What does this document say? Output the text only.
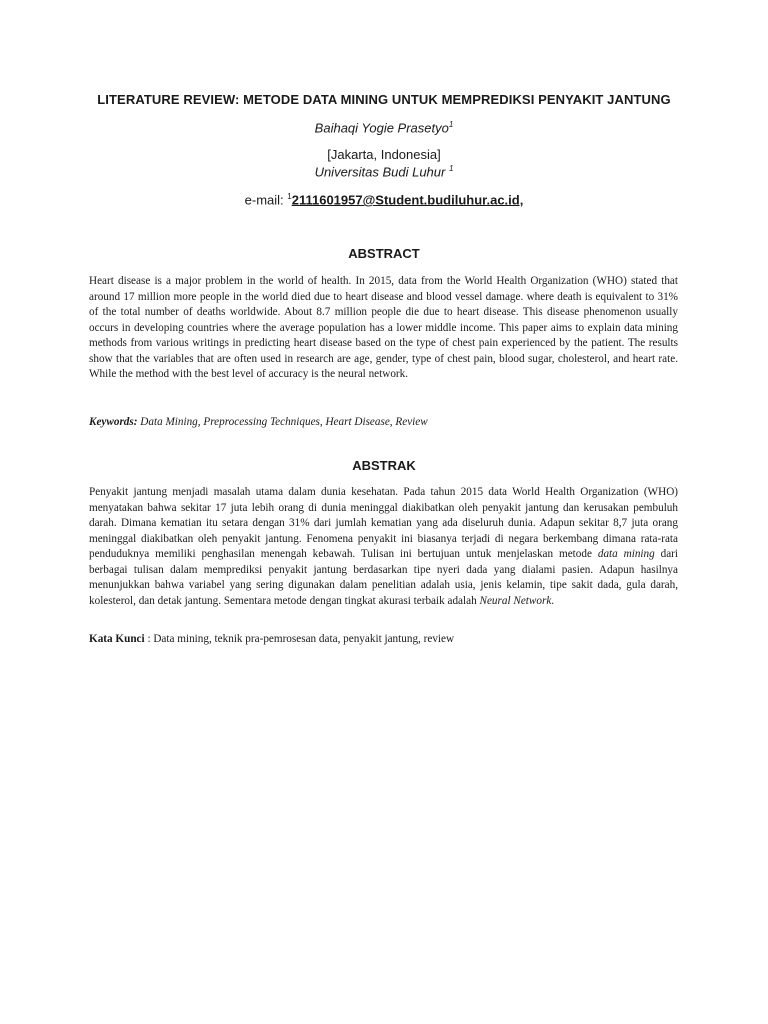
LITERATURE REVIEW: METODE DATA MINING UNTUK MEMPREDIKSI PENYAKIT JANTUNG
Baihaqi Yogie Prasetyo$^1$
[Jakarta, Indonesia]
Universitas Budi Luhur $^1$
e-mail: $^1$2111601957@Student.budiluhur.ac.id,
ABSTRACT

Heart disease is a major problem in the world of health. In 2015, data from the World Health Organization (WHO) stated that around 17 million more people in the world died due to heart disease and blood vessel damage. where death is equivalent to 31% of the total number of deaths worldwide. About 8.7 million people die due to heart disease. This disease phenomenon usually occurs in developing countries where the average population has a lower middle income. This paper aims to explain data mining methods from various writings in predicting heart disease based on the type of chest pain experienced by the patient. The results show that the variables that are often used in research are age, gender, type of chest pain, blood sugar, cholesterol, and heart rate. While the method with the best level of accuracy is the neural network.

Keywords: Data Mining, Preprocessing Techniques, Heart Disease, Review
ABSTRAK

Penyakit jantung menjadi masalah utama dalam dunia kesehatan. Pada tahun 2015 data World Health Organization (WHO) menyatakan bahwa sekitar 17 juta lebih orang di dunia meninggal diakibatkan oleh penyakit jantung dan kerusakan pembuluh darah. Dimana kematian itu setara dengan 31% dari jumlah kematian yang ada diseluruh dunia. Adapun sekitar 8,7 juta orang meninggal diakibatkan oleh penyakit jantung. Fenomena penyakit ini biasanya terjadi di negara berkembang dimana rata-rata penduduknya memiliki penghasilan menengah kebawah. Tulisan ini bertujuan untuk menjelaskan metode data mining dari berbagai tulisan dalam memprediksi penyakit jantung berdasarkan tipe nyeri dada yang dialami pasien. Adapun hasilnya menunjukkan bahwa variabel yang sering digunakan dalam penelitian adalah usia, jenis kelamin, tipe sakit dada, gula darah, kolesterol, dan detak jantung. Sementara metode dengan tingkat akurasi terbaik adalah Neural Network.

Kata Kunci : Data mining, teknik pra-pemrosesan data, penyakit jantung, review
